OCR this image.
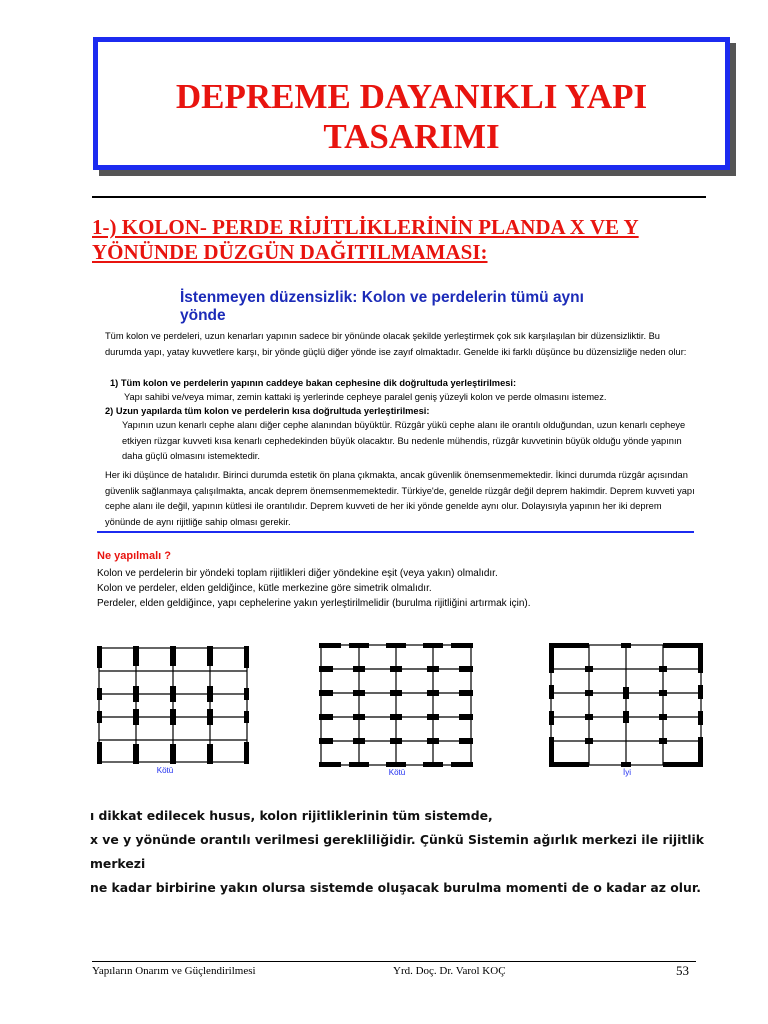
DEPREME DAYANIKLI YAPI
TASARIMI
1-) KOLON- PERDE RİJİTLİKLERİNİN PLANDA X VE Y YÖNÜNDE DÜZGÜN DAĞITILMAMASI:
İstenmeyen düzensizlik: Kolon ve perdelerin tümü aynı yönde
Tüm kolon ve perdeleri, uzun kenarları yapının sadece bir yönünde olacak şekilde yerleştirmek çok sık karşılaşılan bir düzensizliktir. Bu durumda yapı, yatay kuvvetlere karşı, bir yönde güçlü diğer yönde ise zayıf olmaktadır. Genelde iki farklı düşünce bu düzensizliğe neden olur:
1) Tüm kolon ve perdelerin yapının caddeye bakan cephesine dik doğrultuda yerleştirilmesi:
Yapı sahibi ve/veya mimar, zemin kattaki iş yerlerinde cepheye paralel geniş yüzeyli kolon ve perde olmasını istemez.
2) Uzun yapılarda tüm kolon ve perdelerin kısa doğrultuda yerleştirilmesi:
Yapının uzun kenarlı cephe alanı diğer cephe alanından büyüktür. Rüzgâr yükü cephe alanı ile orantılı olduğundan, uzun kenarlı cepheye etkiyen rüzgar kuvveti kısa kenarlı cephedekinden büyük olacaktır. Bu nedenle mühendis, rüzgâr kuvvetinin büyük olduğu yönde yapının daha güçlü olmasını istemektedir.
Her iki düşünce de hatalıdır. Birinci durumda estetik ön plana çıkmakta, ancak güvenlik önemsenmemektedir. İkinci durumda rüzgâr açısından güvenlik sağlanmaya çalışılmakta, ancak deprem önemsenmemektedir. Türkiye'de, genelde rüzgâr değil deprem hakimdir. Deprem kuvveti yapı cephe alanı ile değil, yapının kütlesi ile orantılıdır. Deprem kuvveti de her iki yönde genelde aynı olur. Dolayısıyla yapının her iki deprem yönünde de aynı rijitliğe sahip olması gerekir.
Ne yapılmalı ?
Kolon ve perdelerin bir yöndeki toplam rijitlikleri diğer yöndekine eşit (veya yakın) olmalıdır.
Kolon ve perdeler, elden geldiğince, kütle merkezine göre simetrik olmalıdır.
Perdeler, elden geldiğince, yapı cephelerine yakın yerleştirilmelidir (burulma rijitliğini artırmak için).
Kötü	Kötü	İyi
ı dikkat edilecek husus, kolon rijitliklerinin tüm sistemde,
x ve y yönünde orantılı verilmesi gerekliliğidir. Çünkü Sistemin ağırlık merkezi ile rijitlik merkezi
ne kadar birbirine yakın olursa sistemde oluşacak burulma momenti de o kadar az olur.
Yapıların Onarım ve Güçlendirilmesi	Yrd. Doç. Dr. Varol KOÇ	53
